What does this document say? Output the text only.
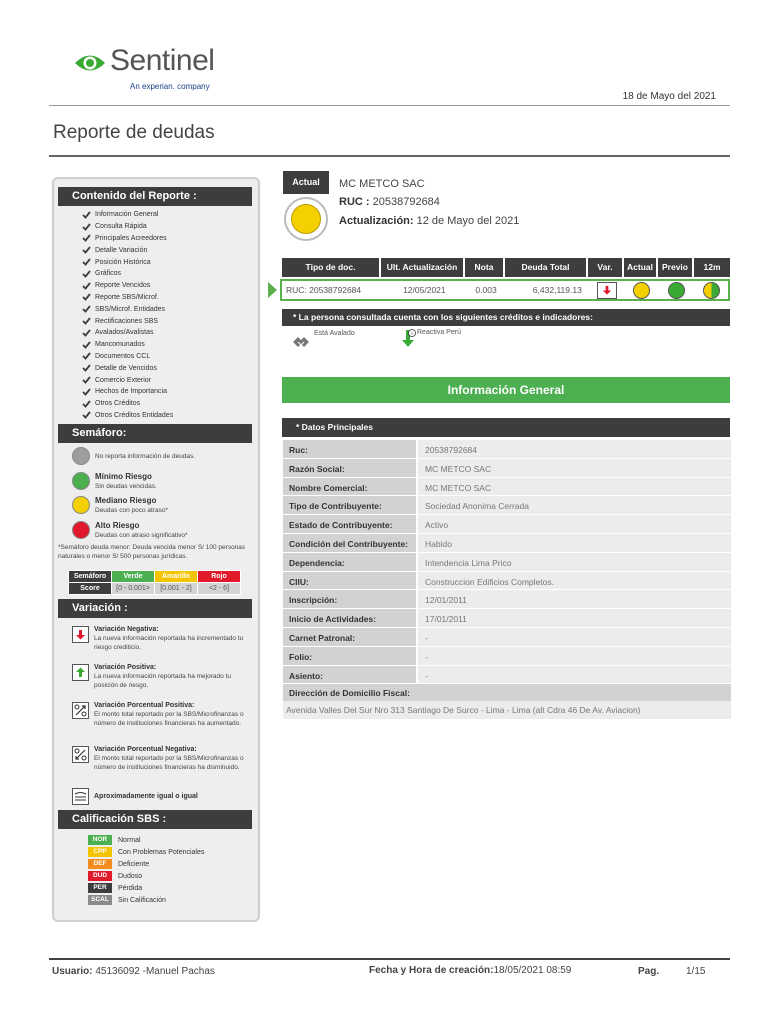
Sentinel
An experian. company
18 de Mayo del 2021
Reporte de deudas
Contenido del Reporte :
Información General
Consulta Rápida
Principales Acreedores
Detalle Variación
Posición Histórica
Gráficos
Reporte Vencidos
Reporte SBS/Microf.
SBS/Microf. Entidades
Rectificaciones SBS
Avalados/Avalistas
Mancomunados
Documentos CCL
Detalle de Vencidos
Comercio Exterior
Hechos de Importancia
Otros Créditos
Otros Créditos Entidades
Semáforo:
No reporta información de deudas.
Mínimo Riesgo
Sin deudas vencidas.
Mediano Riesgo
Deudas con poco atraso*
Alto Riesgo
Deudas con atraso significativo*
*Semáforo deuda menor: Deuda vencida menor S/ 100 personas naturales o menor S/ 500 personas jurídicas.
Semáforo	Verde	Amarillo	Rojo
Score	[0 - 0.001>	[0.001 - 2]	<2 - 6]
Variación :
Variación Negativa:
La nueva información reportada ha incrementado tu riesgo crediticio.
Variación Positiva:
La nueva información reportada ha mejorado tu posición de riesgo.
Variación Porcentual Positiva:
El monto total reportado por la SBS/Microfinanzas o número de instituciones financieras ha aumentado.
Variación Porcentual Negativa:
El monto total reportado por la SBS/Microfinanzas o número de instituciones financieras ha disminuido.
Aproximadamente igual o igual
Calificación SBS :
NOR	Normal
CPP	Con Problemas Potenciales
DEF	Deficiente
DUD	Dudoso
PER	Pérdida
SCAL	Sin Calificación
Actual	MC METCO SAC
RUC : 20538792684
Actualización: 12 de Mayo del 2021
Tipo de doc.	Ult. Actualización	Nota	Deuda Total	Var.	Actual	Previo	12m
RUC: 20538792684	12/05/2021	0.003	6,432,119.13
* La persona consultada cuenta con los siguientes créditos e indicadores:
Está Avalado	i Reactiva Perú
Información General
* Datos Principales
Ruc:	20538792684
Razón Social:	MC METCO SAC
Nombre Comercial:	MC METCO SAC
Tipo de Contribuyente:	Sociedad Anonima Cerrada
Estado de Contribuyente:	Activo
Condición del Contribuyente:	Habido
Dependencia:	Intendencia Lima Prico
CIIU:	Construccion Edificios Completos.
Inscripción:	12/01/2011
Inicio de Actividades:	17/01/2011
Carnet Patronal:	-
Folio:	-
Asiento:	-
Dirección de Domicilio Fiscal:
Avenida Valles Del Sur Nro 313 Santiago De Surco - Lima - Lima (alt Cdra 46 De Av. Aviacion)
Usuario: 45136092 -Manuel Pachas	Fecha y Hora de creación:18/05/2021 08:59	Pag.	1/15
